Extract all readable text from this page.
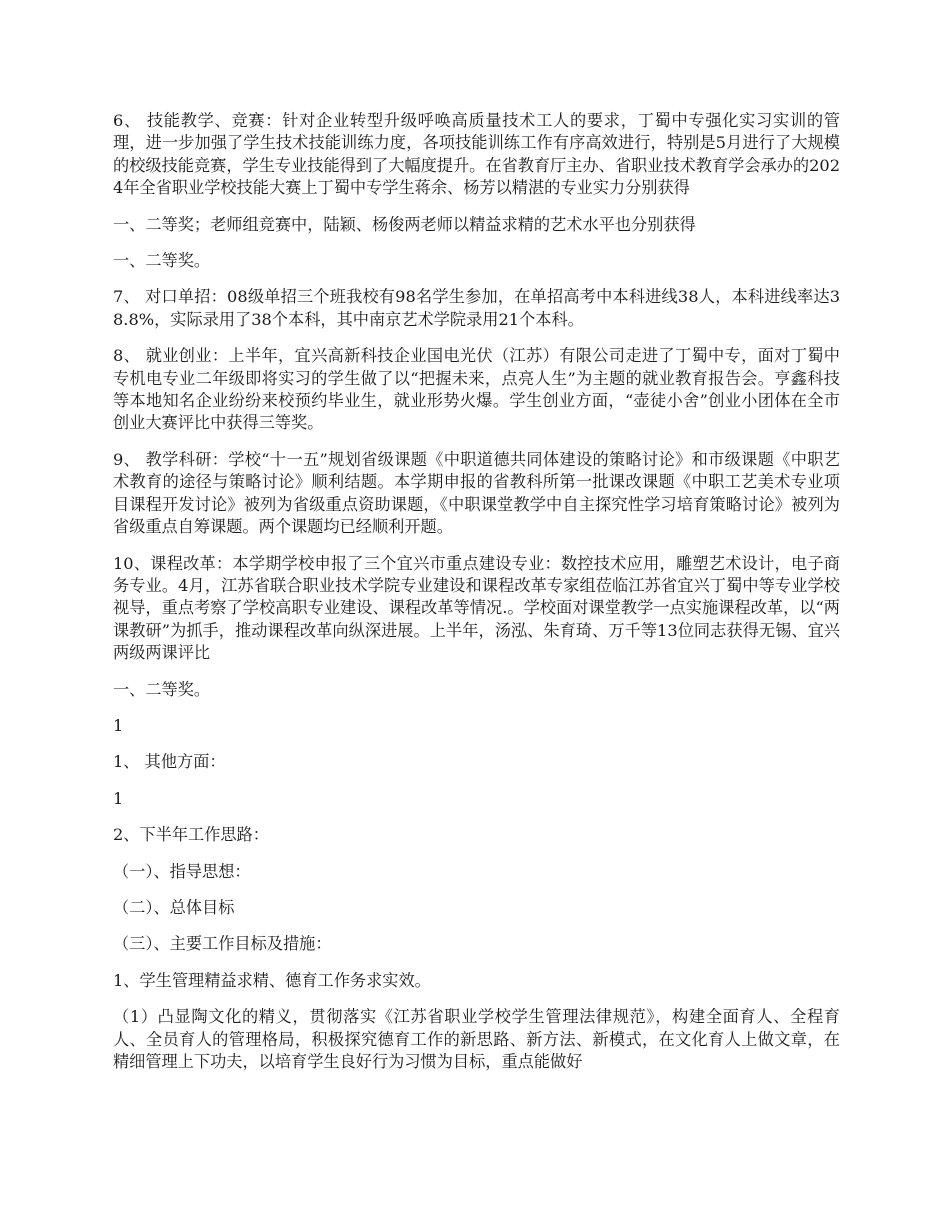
6、 技能教学、竞赛：针对企业转型升级呼唤高质量技术工人的要求，丁蜀中专强化实习实训的管理，进一步加强了学生技术技能训练力度，各项技能训练工作有序高效进行，特别是5月进行了大规模的校级技能竞赛，学生专业技能得到了大幅度提升。在省教育厅主办、省职业技术教育学会承办的2024年全省职业学校技能大赛上丁蜀中专学生蒋余、杨芳以精湛的专业实力分别获得

一、二等奖；老师组竞赛中，陆颖、杨俊两老师以精益求精的艺术水平也分别获得

一、二等奖。

7、 对口单招：08级单招三个班我校有98名学生参加，在单招高考中本科进线38人，本科进线率达38.8%，实际录用了38个本科，其中南京艺术学院录用21个本科。

8、 就业创业：上半年，宜兴高新科技企业国电光伏（江苏）有限公司走进了丁蜀中专，面对丁蜀中专机电专业二年级即将实习的学生做了以“把握未来，点亮人生”为主题的就业教育报告会。亨鑫科技等本地知名企业纷纷来校预约毕业生，就业形势火爆。学生创业方面，“壶徒小舍”创业小团体在全市创业大赛评比中获得三等奖。

9、 教学科研：学校“十一五”规划省级课题《中职道德共同体建设的策略讨论》和市级课题《中职艺术教育的途径与策略讨论》顺利结题。本学期申报的省教科所第一批课改课题《中职工艺美术专业项目课程开发讨论》被列为省级重点资助课题，《中职课堂教学中自主探究性学习培育策略讨论》被列为省级重点自筹课题。两个课题均已经顺利开题。

10、课程改革：本学期学校申报了三个宜兴市重点建设专业：数控技术应用，雕塑艺术设计，电子商务专业。4月，江苏省联合职业技术学院专业建设和课程改革专家组莅临江苏省宜兴丁蜀中等专业学校视导，重点考察了学校高职专业建设、课程改革等情况.。学校面对课堂教学一点实施课程改革，以“两课教研”为抓手，推动课程改革向纵深进展。上半年，汤泓、朱育琦、万千等13位同志获得无锡、宜兴两级两课评比

一、二等奖。

1

1、 其他方面：

1

2、下半年工作思路：

（一）、指导思想：

（二）、总体目标

（三）、主要工作目标及措施：

1、学生管理精益求精、德育工作务求实效。

（1）凸显陶文化的精义，贯彻落实《江苏省职业学校学生管理法律规范》，构建全面育人、全程育人、全员育人的管理格局，积极探究德育工作的新思路、新方法、新模式，在文化育人上做文章，在精细管理上下功夫，以培育学生良好行为习惯为目标，重点能做好
